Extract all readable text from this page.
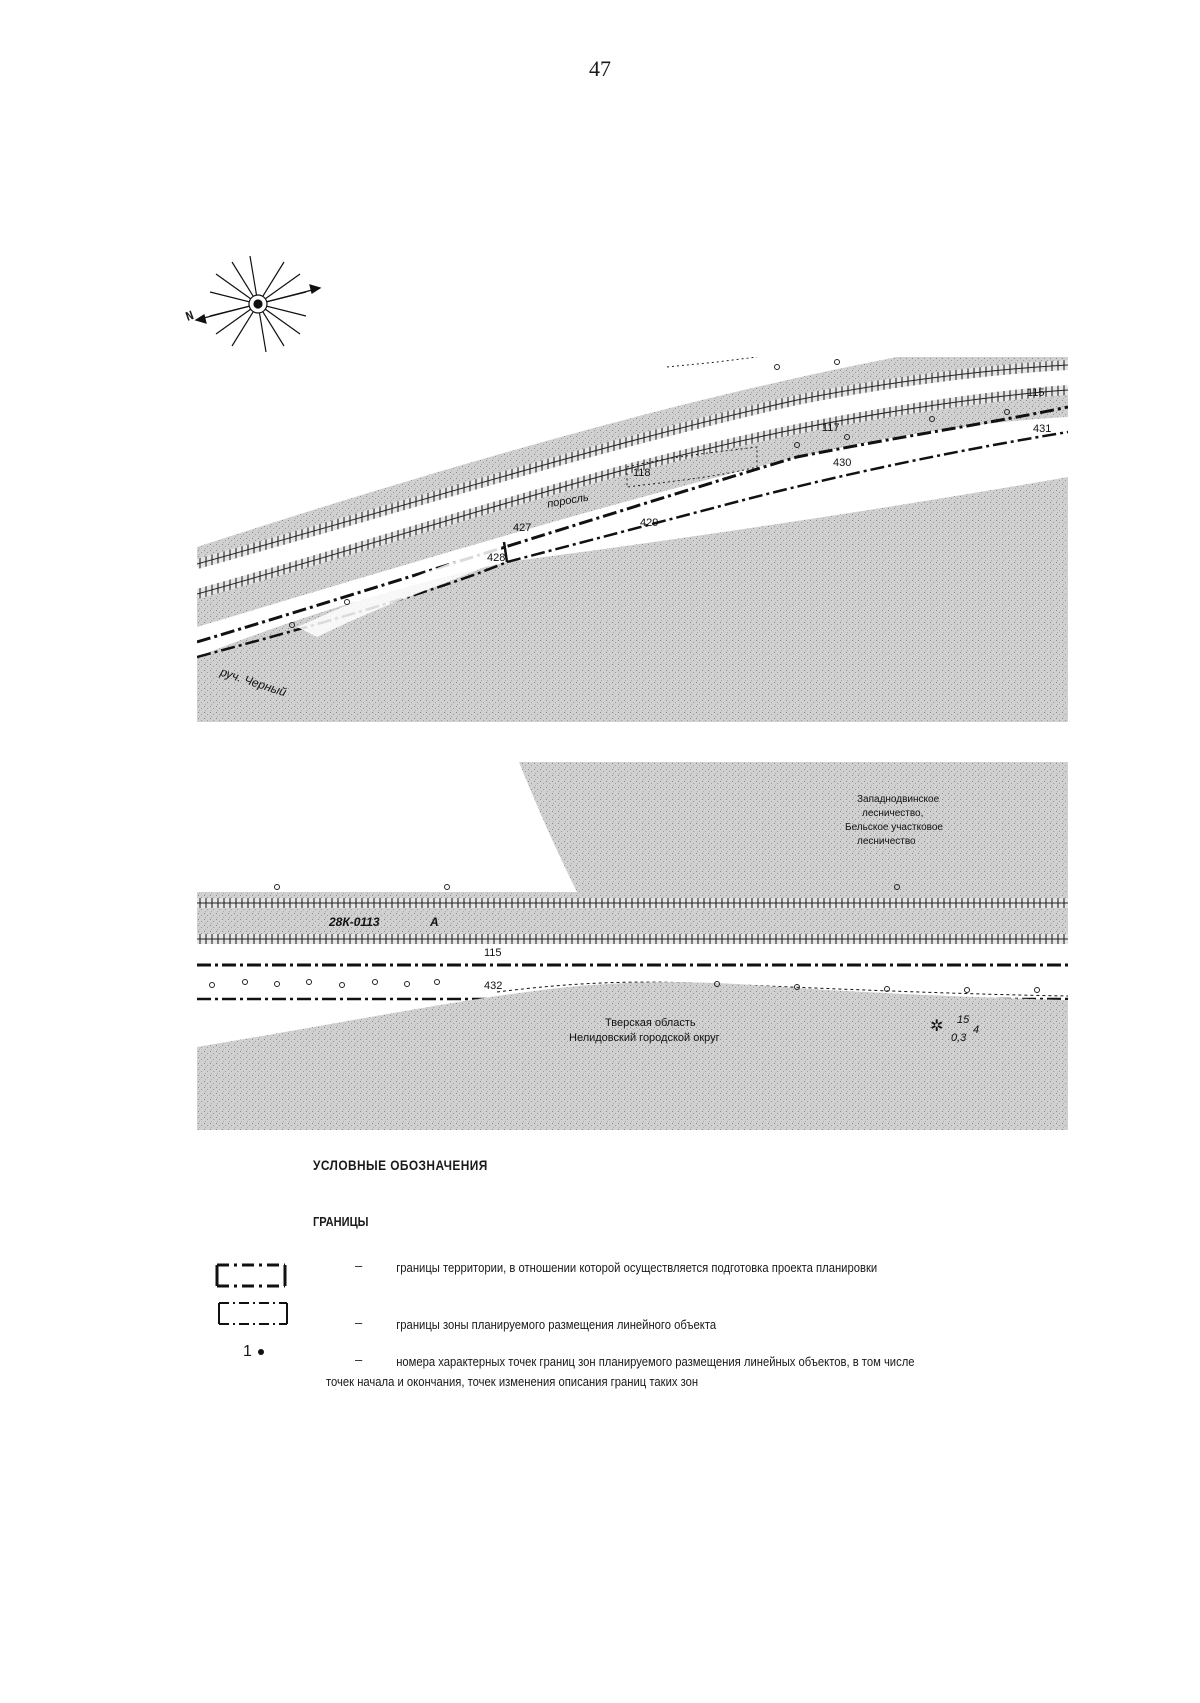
47
N
руч. Черный
поросль
115
117
118
427
428
429
430
431
Западнодвинское
лесничество,
Бельское участковое
лесничество
28К-0113	А
115
432
Тверская область
Нелидовский городской округ
✲ 15
4
0,3
УСЛОВНЫЕ ОБОЗНАЧЕНИЯ
ГРАНИЦЫ
–	границы территории, в отношении которой осуществляется подготовка проекта планировки
–	границы зоны планируемого размещения линейного объекта
1	–	номера характерных точек границ зон планируемого размещения линейных объектов, в том числе точек начала и окончания, точек изменения описания границ таких зон
